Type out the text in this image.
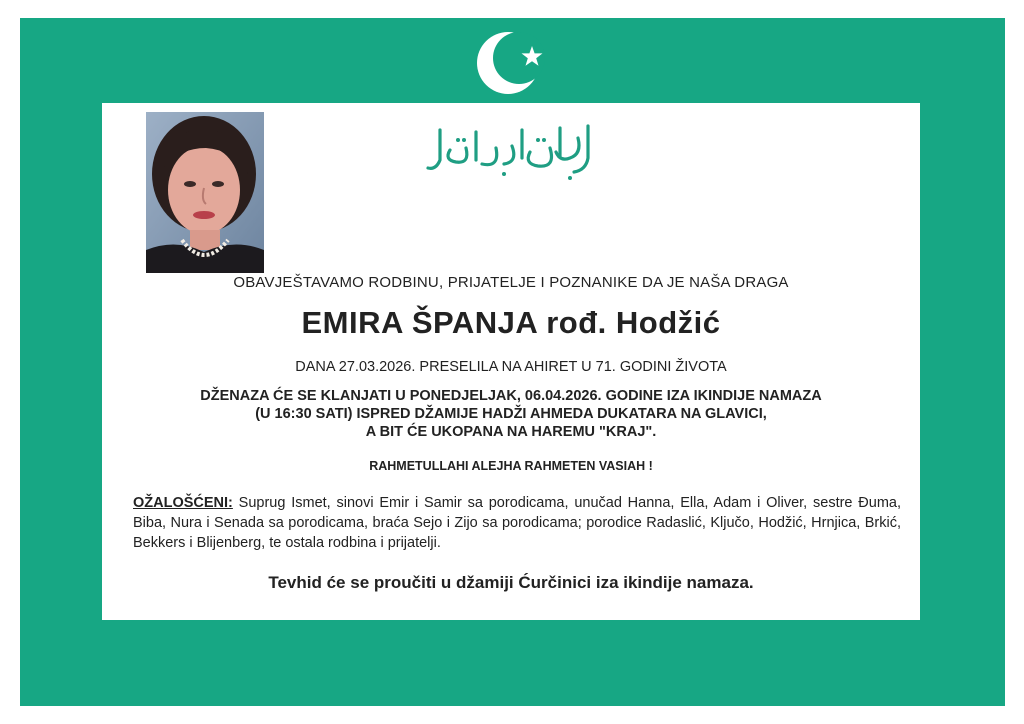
OBAVJEŠTAVAMO RODBINU, PRIJATELJE I POZNANIKE DA JE NAŠA DRAGA
EMIRA ŠPANJA rođ. Hodžić
DANA 27.03.2026. PRESELILA NA AHIRET U 71. GODINI ŽIVOTA
DŽENAZA ĆE SE KLANJATI U PONEDJELJAK, 06.04.2026. GODINE IZA IKINDIJE NAMAZA
(U 16:30 SATI) ISPRED DŽAMIJE HADŽI AHMEDA DUKATARA NA GLAVICI,
A BIT ĆE UKOPANA NA HAREMU "KRAJ".
RAHMETULLAHI ALEJHA RAHMETEN VASIAH !
OŽALOŠĆENI: Suprug Ismet, sinovi Emir i Samir sa porodicama, unučad Hanna, Ella, Adam i Oliver, sestre Đuma, Biba, Nura i Senada sa porodicama, braća Sejo i Zijo sa porodicama; porodice Radaslić, Ključo, Hodžić, Hrnjica, Brkić, Bekkers i Blijenberg, te ostala rodbina i prijatelji.
Tevhid će se proučiti u džamiji Ćurčinici iza ikindije namaza.
